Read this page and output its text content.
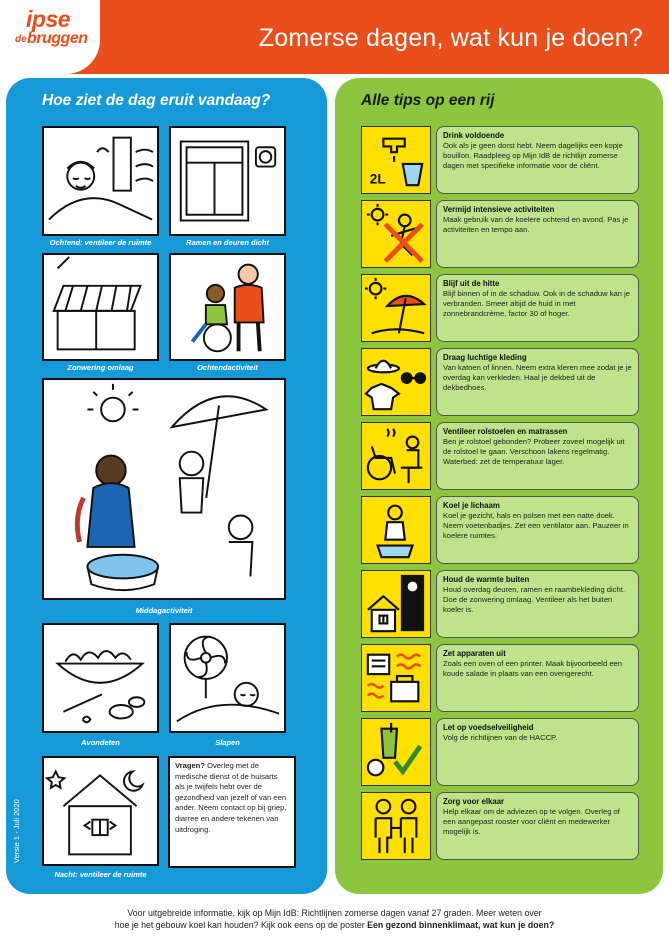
ipse
de bruggen	Zomerse dagen, wat kun je doen?
Hoe ziet de dag eruit vandaag?
Ochtend: ventileer de ruimte	Ramen en deuren dicht
Zonwering omlaag	Ochtendactiviteit
Middagactiviteit
Avondeten	Slapen
Nacht: ventileer de ruimte
Vragen? Overleg met de medische dienst of de huisarts als je twijfels hebt over de gezondheid van jezelf of van een ander. Neem contact op bij griep, diarree en andere tekenen van uitdroging.
Versie 1 - Juli 2020
Alle tips op een rij
2L
Drink voldoende
Ook als je geen dorst hebt. Neem dagelijks een kopje bouillon. Raadpleeg op Mijn IdB de richtlijn zomerse dagen met specifieke informatie voor de cliënt.
Vermijd intensieve activiteiten
Maak gebruik van de koelere ochtend en avond. Pas je activiteiten en tempo aan.
Blijf uit de hitte
Blijf binnen of in de schaduw. Ook in de schaduw kan je verbranden. Smeer altijd de huid in met zonnebrandcrème, factor 30 of hoger.
Draag luchtige kleding
Van katoen of linnen. Neem extra kleren mee zodat je je overdag kan verkleden. Haal je dekbed uit de dekbedhoes.
Ventileer rolstoelen en matrassen
Ben je rolstoel gebonden? Probeer zoveel mogelijk uit de rolstoel te gaan. Verschoon lakens regelmatig. Waterbed: zet de temperatuur lager.
Koel je lichaam
Koel je gezicht, hals en polsen met een natte doek. Neem voetenbadjes. Zet een ventilator aan. Pauzeer in koelere ruimtes.
Houd de warmte buiten
Houd overdag deuren, ramen en raambekleding dicht. Doe de zonwering omlaag. Ventileer als het buiten koeler is.
Zet apparaten uit
Zoals een oven of een printer. Maak bijvoorbeeld een koude salade in plaats van een ovengerecht.
Let op voedselveiligheid
Volg de richtlijnen van de HACCP.
Zorg voor elkaar
Help elkaar om de adviezen op te volgen. Overleg of een aangepast rooster voor cliënt en medewerker mogelijk is.
Voor uitgebreide informatie, kijk op Mijn IdB: Richtlijnen zomerse dagen vanaf 27 graden. Meer weten over
hoe je het gebouw koel kan houden? Kijk ook eens op de poster Een gezond binnenklimaat, wat kun je doen?
